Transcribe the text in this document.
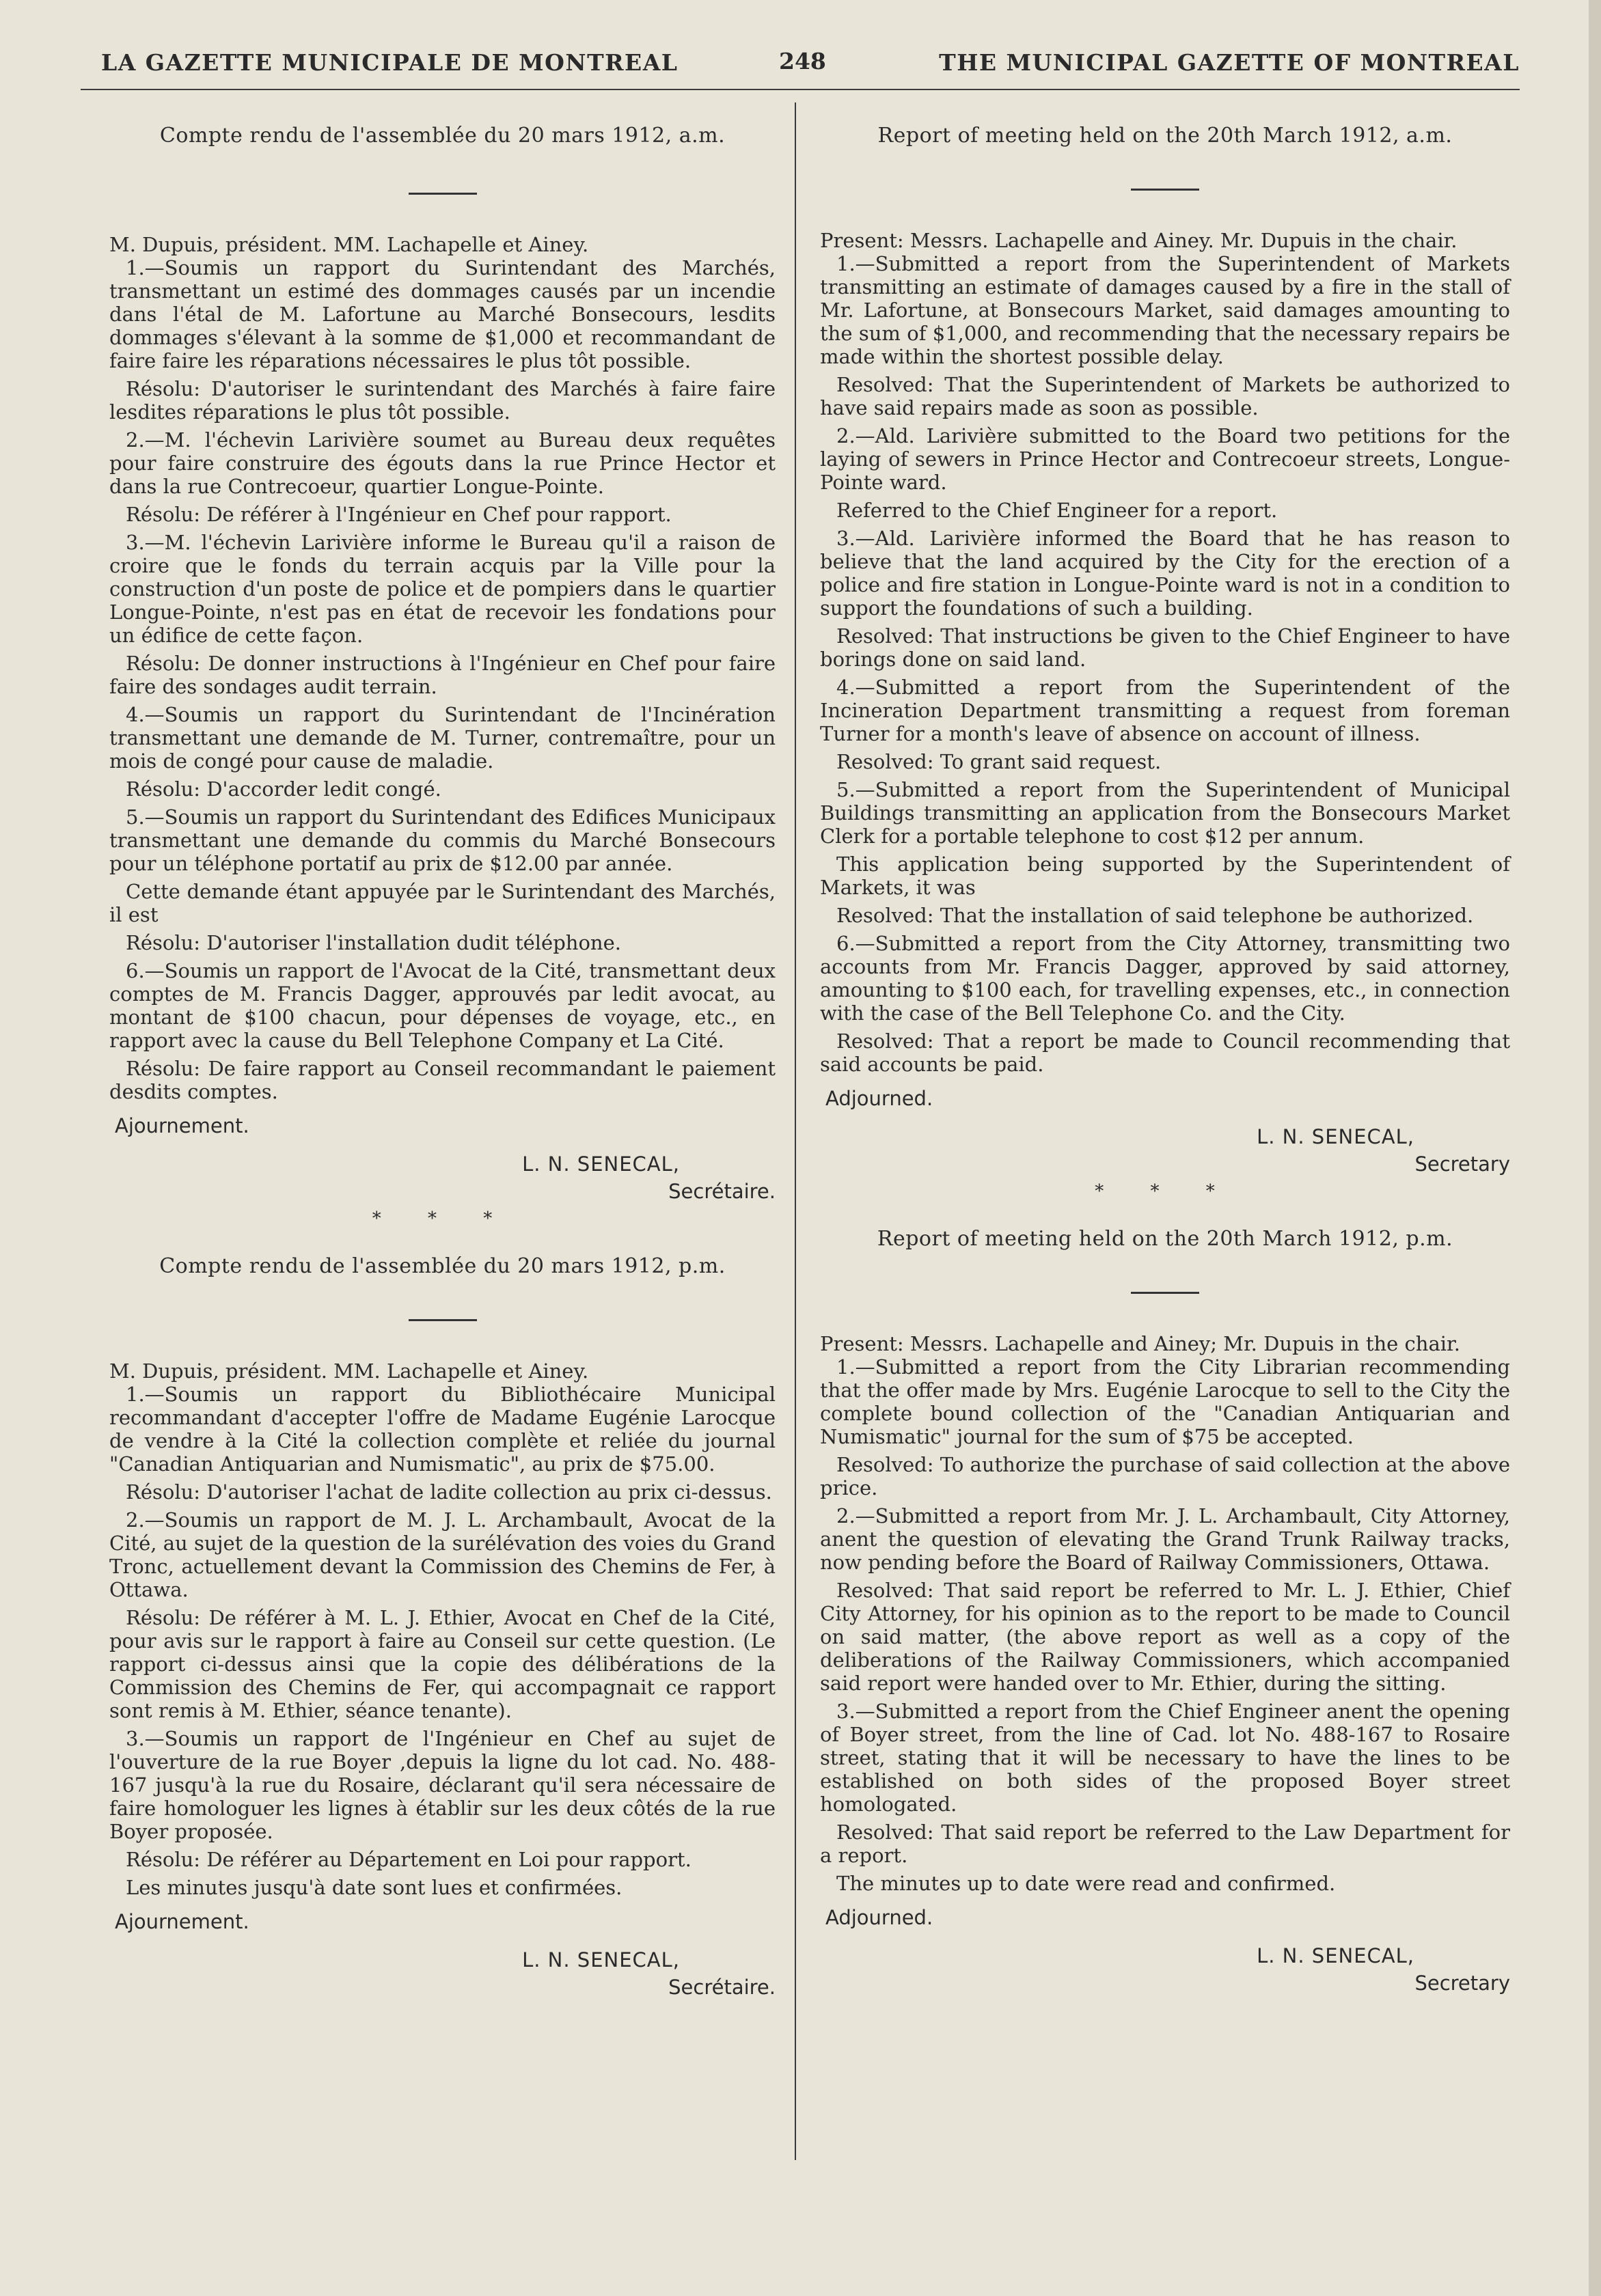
LA GAZETTE MUNICIPALE DE MONTREAL	248	THE MUNICIPAL GAZETTE OF MONTREAL
Compte rendu de l'assemblée du 20 mars 1912, a.m.

M. Dupuis, président. MM. Lachapelle et Ainey.

1.—Soumis un rapport du Surintendant des Marchés, transmettant un estimé des dommages causés par un incendie dans l'étal de M. Lafortune au Marché Bonsecours, lesdits dommages s'élevant à la somme de $1,000 et recommandant de faire faire les réparations nécessaires le plus tôt possible.

Résolu: D'autoriser le surintendant des Marchés à faire faire lesdites réparations le plus tôt possible.

2.—M. l'échevin Larivière soumet au Bureau deux requêtes pour faire construire des égouts dans la rue Prince Hector et dans la rue Contrecoeur, quartier Longue-Pointe.

Résolu: De référer à l'Ingénieur en Chef pour rapport.

3.—M. l'échevin Larivière informe le Bureau qu'il a raison de croire que le fonds du terrain acquis par la Ville pour la construction d'un poste de police et de pompiers dans le quartier Longue-Pointe, n'est pas en état de recevoir les fondations pour un édifice de cette façon.

Résolu: De donner instructions à l'Ingénieur en Chef pour faire faire des sondages audit terrain.

4.—Soumis un rapport du Surintendant de l'Incinération transmettant une demande de M. Turner, contremaître, pour un mois de congé pour cause de maladie.

Résolu: D'accorder ledit congé.

5.—Soumis un rapport du Surintendant des Edifices Municipaux transmettant une demande du commis du Marché Bonsecours pour un téléphone portatif au prix de $12.00 par année.

Cette demande étant appuyée par le Surintendant des Marchés, il est

Résolu: D'autoriser l'installation dudit téléphone.

6.—Soumis un rapport de l'Avocat de la Cité, transmettant deux comptes de M. Francis Dagger, approuvés par ledit avocat, au montant de $100 chacun, pour dépenses de voyage, etc., en rapport avec la cause du Bell Telephone Company et La Cité.

Résolu: De faire rapport au Conseil recommandant le paiement desdits comptes.

Ajournement.
L. N. SENECAL,
Secrétaire.
* * *
Compte rendu de l'assemblée du 20 mars 1912, p.m.

M. Dupuis, président. MM. Lachapelle et Ainey.

1.—Soumis un rapport du Bibliothécaire Municipal recommandant d'accepter l'offre de Madame Eugénie Larocque de vendre à la Cité la collection complète et reliée du journal "Canadian Antiquarian and Numismatic", au prix de $75.00.

Résolu: D'autoriser l'achat de ladite collection au prix ci-dessus.

2.—Soumis un rapport de M. J. L. Archambault, Avocat de la Cité, au sujet de la question de la surélévation des voies du Grand Tronc, actuellement devant la Commission des Chemins de Fer, à Ottawa.

Résolu: De référer à M. L. J. Ethier, Avocat en Chef de la Cité, pour avis sur le rapport à faire au Conseil sur cette question. (Le rapport ci-dessus ainsi que la copie des délibérations de la Commission des Chemins de Fer, qui accompagnait ce rapport sont remis à M. Ethier, séance tenante).

3.—Soumis un rapport de l'Ingénieur en Chef au sujet de l'ouverture de la rue Boyer ,depuis la ligne du lot cad. No. 488-167 jusqu'à la rue du Rosaire, déclarant qu'il sera nécessaire de faire homologuer les lignes à établir sur les deux côtés de la rue Boyer proposée.

Résolu: De référer au Département en Loi pour rapport.

Les minutes jusqu'à date sont lues et confirmées.

Ajournement.
L. N. SENECAL,
Secrétaire.
Report of meeting held on the 20th March 1912, a.m.

Present: Messrs. Lachapelle and Ainey. Mr. Dupuis in the chair.

1.—Submitted a report from the Superintendent of Markets transmitting an estimate of damages caused by a fire in the stall of Mr. Lafortune, at Bonsecours Market, said damages amounting to the sum of $1,000, and recommending that the necessary repairs be made within the shortest possible delay.

Resolved: That the Superintendent of Markets be authorized to have said repairs made as soon as possible.

2.—Ald. Larivière submitted to the Board two petitions for the laying of sewers in Prince Hector and Contrecoeur streets, Longue-Pointe ward.

Referred to the Chief Engineer for a report.

3.—Ald. Larivière informed the Board that he has reason to believe that the land acquired by the City for the erection of a police and fire station in Longue-Pointe ward is not in a condition to support the foundations of such a building.

Resolved: That instructions be given to the Chief Engineer to have borings done on said land.

4.—Submitted a report from the Superintendent of the Incineration Department transmitting a request from foreman Turner for a month's leave of absence on account of illness.

Resolved: To grant said request.

5.—Submitted a report from the Superintendent of Municipal Buildings transmitting an application from the Bonsecours Market Clerk for a portable telephone to cost $12 per annum.

This application being supported by the Superintendent of Markets, it was

Resolved: That the installation of said telephone be authorized.

6.—Submitted a report from the City Attorney, transmitting two accounts from Mr. Francis Dagger, approved by said attorney, amounting to $100 each, for travelling expenses, etc., in connection with the case of the Bell Telephone Co. and the City.

Resolved: That a report be made to Council recommending that said accounts be paid.

Adjourned.
L. N. SENECAL,
Secretary
* * *
Report of meeting held on the 20th March 1912, p.m.

Present: Messrs. Lachapelle and Ainey; Mr. Dupuis in the chair.

1.—Submitted a report from the City Librarian recommending that the offer made by Mrs. Eugénie Larocque to sell to the City the complete bound collection of the "Canadian Antiquarian and Numismatic" journal for the sum of $75 be accepted.

Resolved: To authorize the purchase of said collection at the above price.

2.—Submitted a report from Mr. J. L. Archambault, City Attorney, anent the question of elevating the Grand Trunk Railway tracks, now pending before the Board of Railway Commissioners, Ottawa.

Resolved: That said report be referred to Mr. L. J. Ethier, Chief City Attorney, for his opinion as to the report to be made to Council on said matter, (the above report as well as a copy of the deliberations of the Railway Commissioners, which accompanied said report were handed over to Mr. Ethier, during the sitting.

3.—Submitted a report from the Chief Engineer anent the opening of Boyer street, from the line of Cad. lot No. 488-167 to Rosaire street, stating that it will be necessary to have the lines to be established on both sides of the proposed Boyer street homologated.

Resolved: That said report be referred to the Law Department for a report.

The minutes up to date were read and confirmed.

Adjourned.
L. N. SENECAL,
Secretary
